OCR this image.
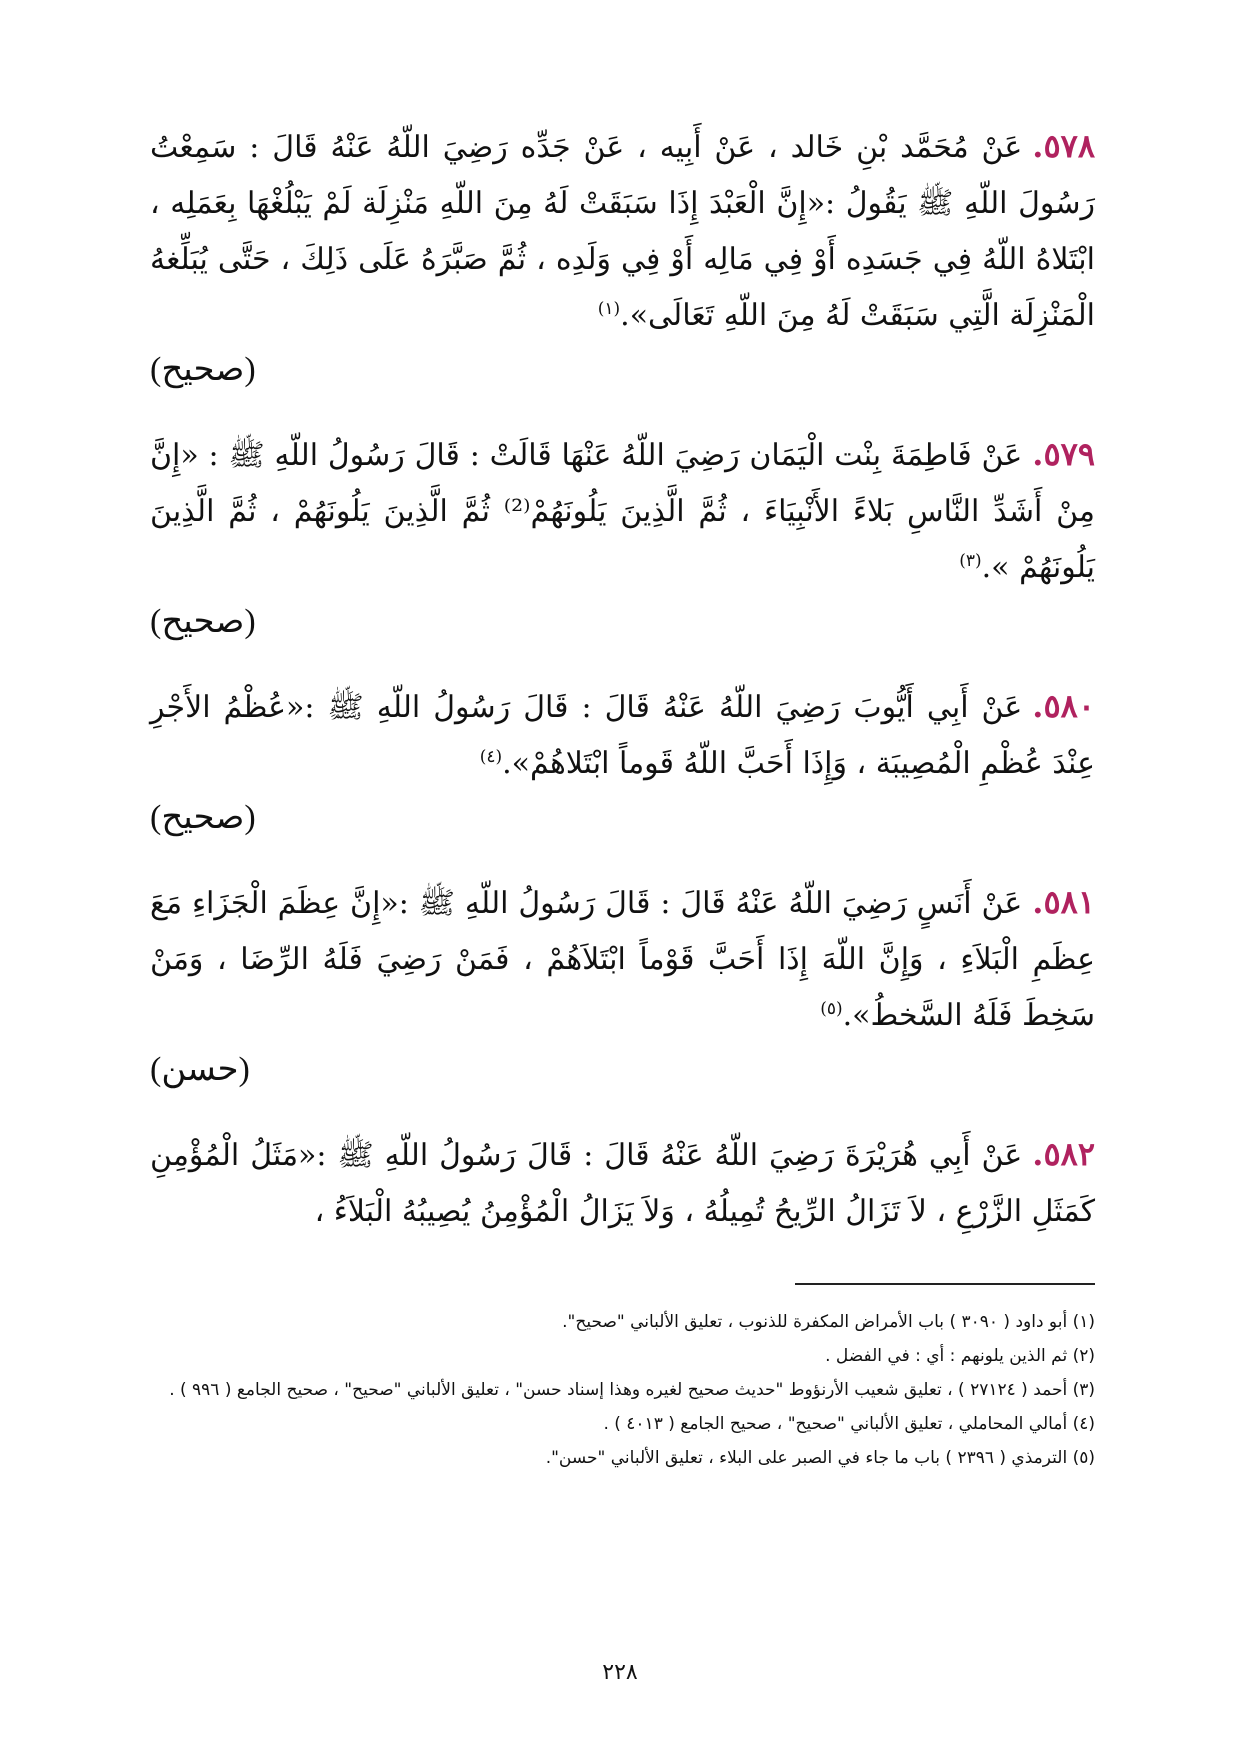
٥٧٨.عَنْ مُحَمَّد بْنِ خَالد ، عَنْ أَبِيه ، عَنْ جَدِّه رَضِيَ اللّهُ عَنْهُ قَالَ : سَمِعْتُ رَسُولَ اللّهِ ﷺ يَقُولُ :«إِنَّ الْعَبْدَ إِذَا سَبَقَتْ لَهُ مِنَ اللّهِ مَنْزِلَة لَمْ يَبْلُغْهَا بِعَمَلِه ، ابْتَلاهُ اللّهُ فِي جَسَدِه أَوْ فِي مَالِه أَوْ فِي وَلَدِه ، ثُمَّ صَبَّرَهُ عَلَى ذَلِكَ ، حَتَّى يُبَلِّغهُ الْمَنْزِلَة الَّتِي سَبَقَتْ لَهُ مِنَ اللّهِ تَعَالَى».$^{(١)}$

(صحيح)

٥٧٩.عَنْ فَاطِمَةَ بِنْت الْيَمَان رَضِيَ اللّهُ عَنْهَا قَالَتْ : قَالَ رَسُولُ اللّهِ ﷺ : «إِنَّ مِنْ أَشَدِّ النَّاسِ بَلاءً الأَنْبِيَاءَ ، ثُمَّ الَّذِينَ يَلُونَهُمْ⁽²⁾ ثُمَّ الَّذِينَ يَلُونَهُمْ ، ثُمَّ الَّذِينَ يَلُونَهُمْ ».$^{(٣)}$

(صحيح)

٥٨٠.عَنْ أَبِي أَيُّوبَ رَضِيَ اللّهُ عَنْهُ قَالَ : قَالَ رَسُولُ اللّهِ ﷺ :«عُظْمُ الأَجْرِ عِنْدَ عُظْمِ الْمُصِيبَة ، وَإِذَا أَحَبَّ اللّهُ قَوماً ابْتَلاهُمْ».$^{(٤)}$

(صحيح)

٥٨١.عَنْ أَنَسٍ رَضِيَ اللّهُ عَنْهُ قَالَ : قَالَ رَسُولُ اللّهِ ﷺ :«إِنَّ عِظَمَ الْجَزَاءِ مَعَ عِظَمِ الْبَلاَءِ ، وَإِنَّ اللّهَ إِذَا أَحَبَّ قَوْماً ابْتَلاَهُمْ ، فَمَنْ رَضِيَ فَلَهُ الرِّضَا ، وَمَنْ سَخِطَ فَلَهُ السَّخطُ».$^{(٥)}$

(حسن)

٥٨٢.عَنْ أَبِي هُرَيْرَةَ رَضِيَ اللّهُ عَنْهُ قَالَ : قَالَ رَسُولُ اللّهِ ﷺ :«مَثَلُ الْمُؤْمِنِ كَمَثَلِ الزَّرْعِ ، لاَ تَزَالُ الرِّيحُ تُمِيلُهُ ، وَلاَ يَزَالُ الْمُؤْمِنُ يُصِيبُهُ الْبَلاَءُ ،

(١) أبو داود ( ٣٠٩٠ ) باب الأمراض المكفرة للذنوب ، تعليق الألباني "صحيح".
(٢) ثم الذين يلونهم : أي : في الفضل .
(٣) أحمد ( ٢٧١٢٤ ) ، تعليق شعيب الأرنؤوط "حديث صحيح لغيره وهذا إسناد حسن" ، تعليق الألباني "صحيح" ، صحيح الجامع ( ٩٩٦ ) .
(٤) أمالي المحاملي ، تعليق الألباني "صحيح" ، صحيح الجامع ( ٤٠١٣ ) .
(٥) الترمذي ( ٢٣٩٦ ) باب ما جاء في الصبر على البلاء ، تعليق الألباني "حسن".
٢٢٨
